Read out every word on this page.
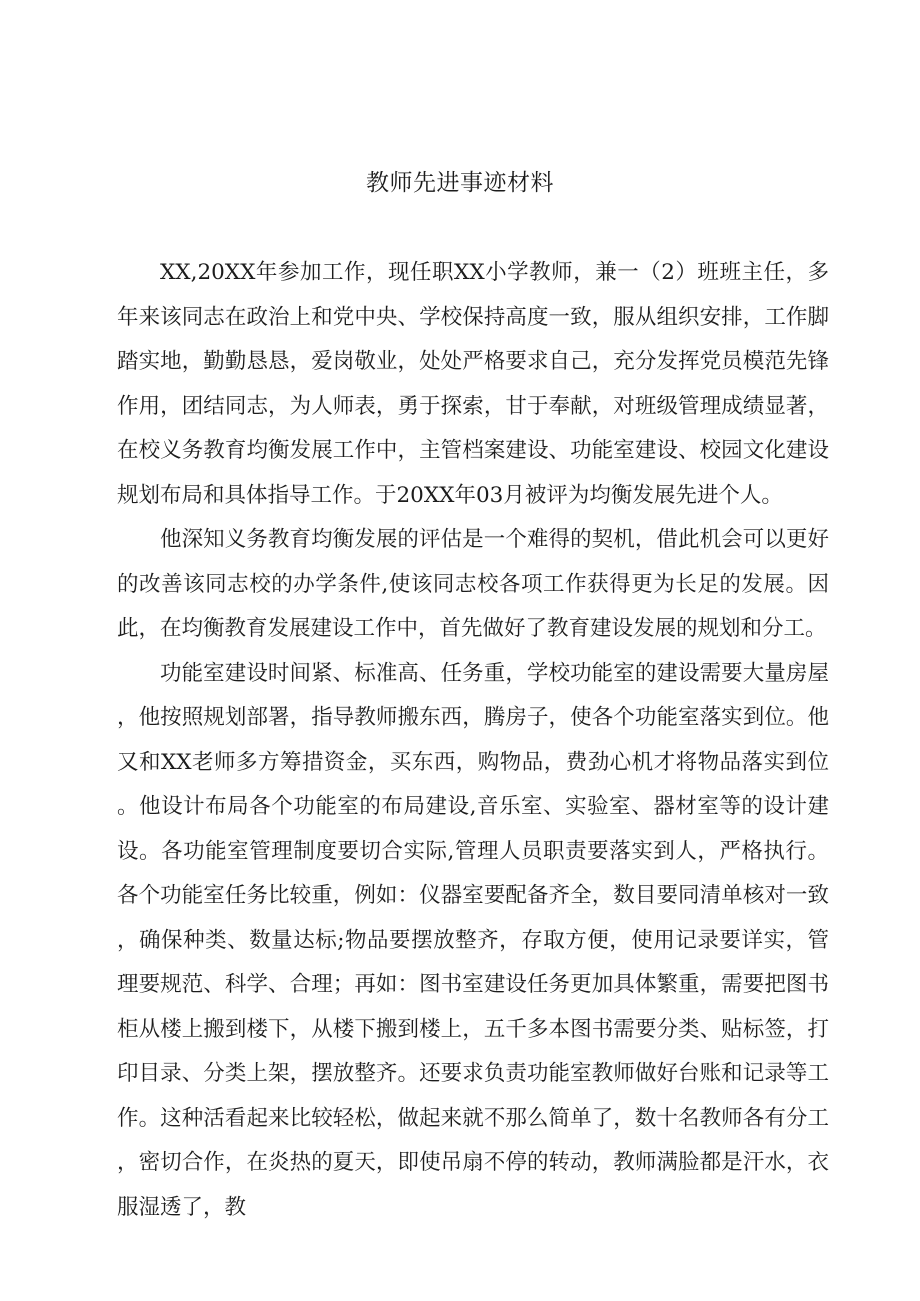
教师先进事迹材料

XX,20XX年参加工作，现任职XX小学教师，兼一（2）班班主任，多年来该同志在政治上和党中央、学校保持高度一致，服从组织安排，工作脚踏实地，勤勤恳恳，爱岗敬业，处处严格要求自己，充分发挥党员模范先锋作用，团结同志，为人师表，勇于探索，甘于奉献，对班级管理成绩显著，在校义务教育均衡发展工作中，主管档案建设、功能室建设、校园文化建设规划布局和具体指导工作。于20XX年03月被评为均衡发展先进个人。

他深知义务教育均衡发展的评估是一个难得的契机，借此机会可以更好的改善该同志校的办学条件,使该同志校各项工作获得更为长足的发展。因此，在均衡教育发展建设工作中，首先做好了教育建设发展的规划和分工。

功能室建设时间紧、标准高、任务重，学校功能室的建设需要大量房屋，他按照规划部署，指导教师搬东西，腾房子，使各个功能室落实到位。他又和XX老师多方筹措资金，买东西，购物品，费劲心机才将物品落实到位。他设计布局各个功能室的布局建设,音乐室、实验室、器材室等的设计建设。各功能室管理制度要切合实际,管理人员职责要落实到人，严格执行。各个功能室任务比较重，例如：仪器室要配备齐全，数目要同清单核对一致，确保种类、数量达标;物品要摆放整齐，存取方便，使用记录要详实，管理要规范、科学、合理；再如：图书室建设任务更加具体繁重，需要把图书柜从楼上搬到楼下，从楼下搬到楼上，五千多本图书需要分类、贴标签，打印目录、分类上架，摆放整齐。还要求负责功能室教师做好台账和记录等工作。这种活看起来比较轻松，做起来就不那么简单了，数十名教师各有分工，密切合作，在炎热的夏天，即使吊扇不停的转动，教师满脸都是汗水，衣服湿透了，教
